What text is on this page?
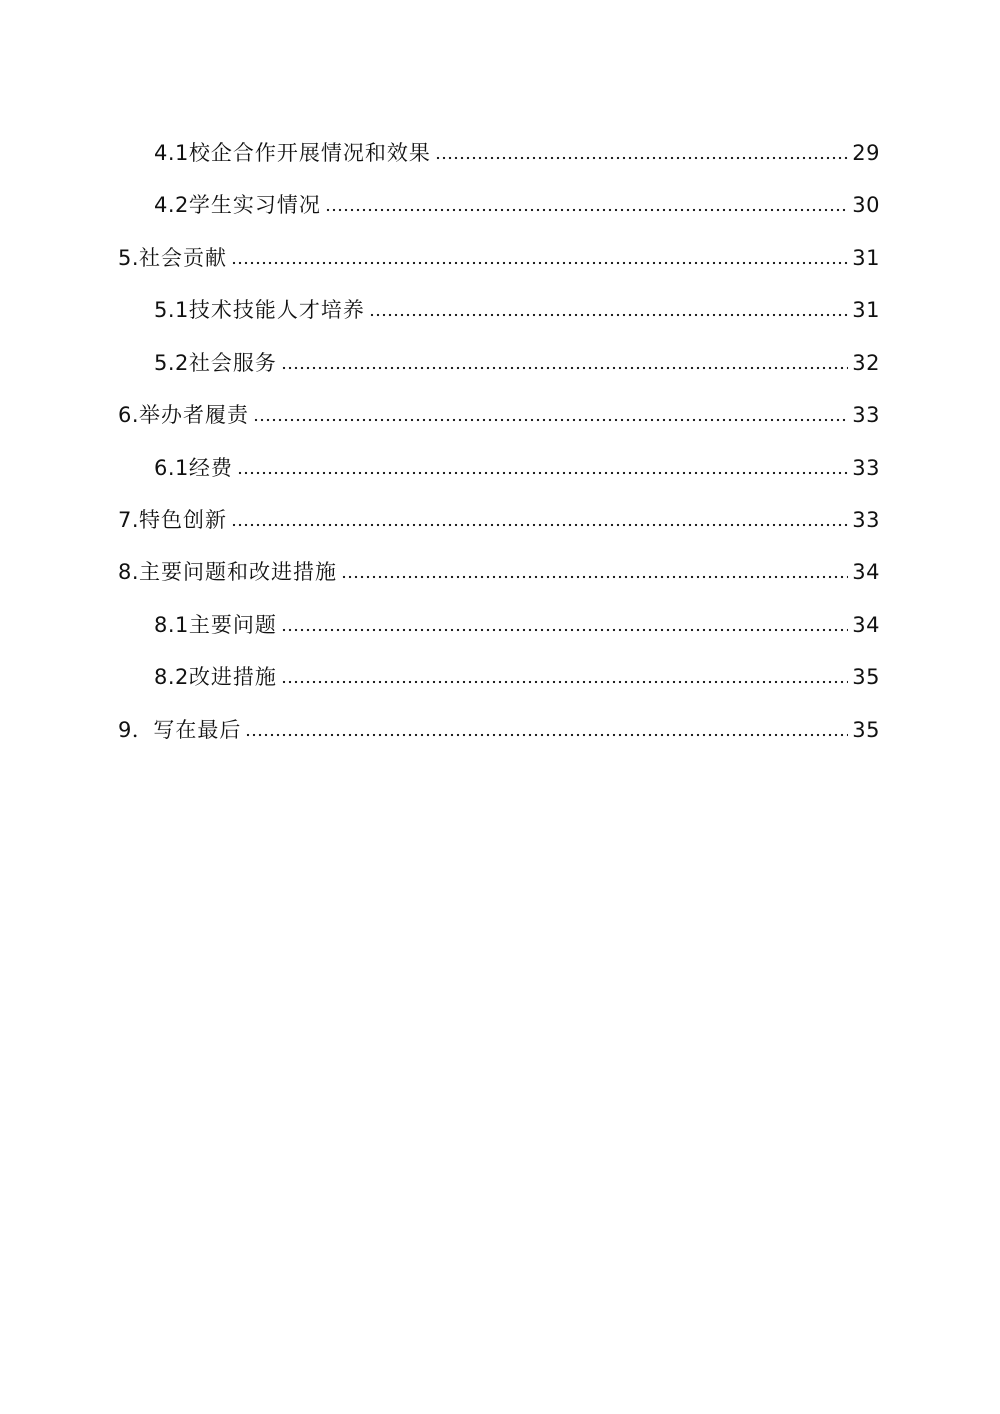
4.1 校企合作开展情况和效果	29
4.2 学生实习情况	30
5. 社会贡献	31
5.1 技术技能人才培养	31
5.2 社会服务	32
6. 举办者履责	33
6.1 经费	33
7. 特色创新	33
8. 主要问题和改进措施	34
8.1 主要问题	34
8.2 改进措施	35
9． 写在最后	35
